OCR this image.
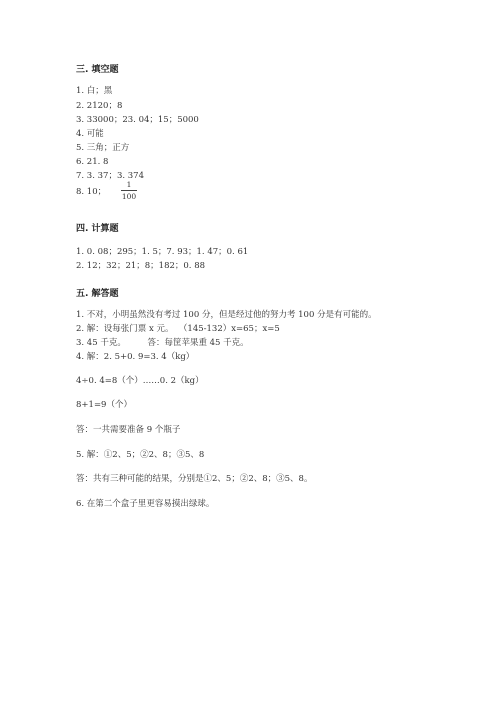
三. 填空题
1. 白；黑
2. 2120；8
3. 33000；23. 04；15；5000
4. 可能
5. 三角；正方
6. 21. 8
7. 3. 37；3. 374
8. 10；
1
100
四. 计算题
1. 0. 08；295；1. 5；7. 93；1. 47；0. 61
2. 12；32；21；8；182；0. 88
五. 解答题
1. 不对，小明虽然没有考过 100 分，但是经过他的努力考 100 分是有可能的。
2. 解：设每张门票 x 元。  （145-132）x=65；x=5
3. 45 千克。        答：每筐苹果重 45 千克。
4. 解：2. 5+0. 9=3. 4（kg）
4÷0. 4=8（个）……0. 2（kg）
8+1=9（个）
答：一共需要准备 9 个瓶子
5. 解：①2、5；②2、8；③5、8
答：共有三种可能的结果，分别是①2、5；②2、8；③5、8。
6. 在第二个盒子里更容易摸出绿球。
